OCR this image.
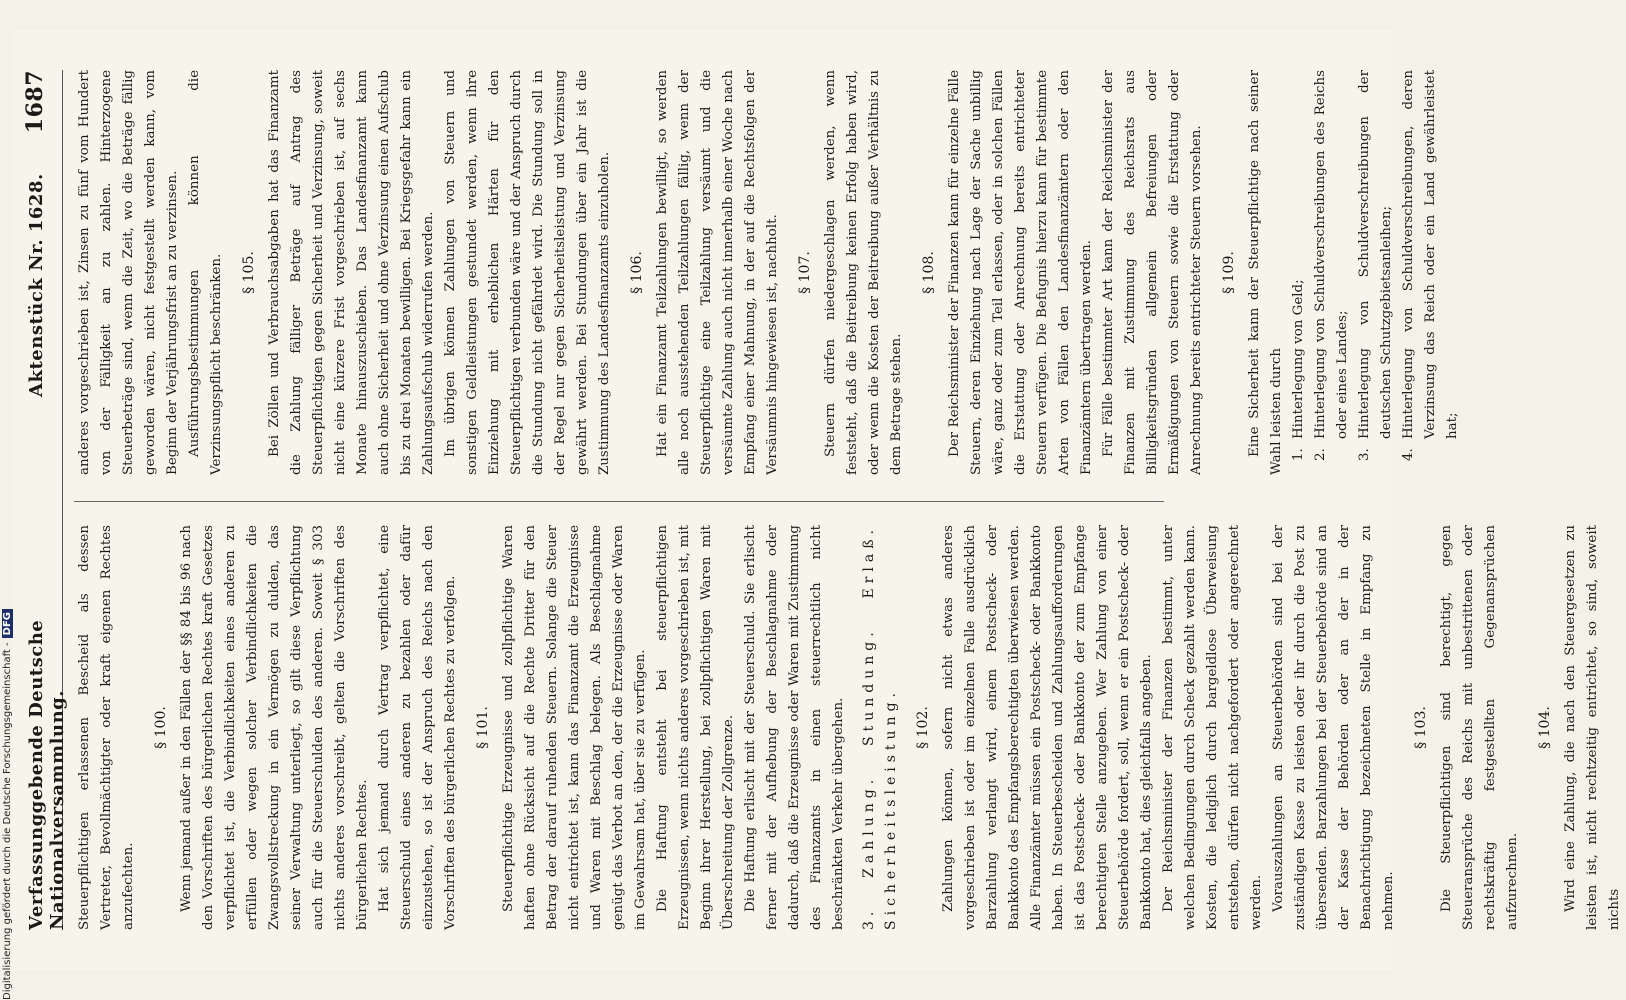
Verfassunggebende Deutsche Nationalversammlung.
Aktenstück Nr. 1628.
1687

Steuerpflichtigen erlassenen Bescheid als dessen Vertreter, Bevollmächtigter oder kraft eigenen Rechtes anzufechten.

§ 100. Wenn jemand außer in den Fällen der §§ 84 bis 96 nach den Vorschriften des bürgerlichen Rechtes kraft Gesetzes verpflichtet ist, die Verbindlichkeiten eines anderen zu erfüllen oder wegen solcher Verbindlichkeiten die Zwangsvollstreckung in ein Vermögen zu dulden, das seiner Verwaltung unterliegt, so gilt diese Verpflichtung auch für die Steuerschulden des anderen. Soweit § 303 nichts anderes vorschreibt, gelten die Vorschriften des bürgerlichen Rechtes. Hat sich jemand durch Vertrag verpflichtet, eine Steuerschuld eines anderen zu bezahlen oder dafür einzustehen, so ist der Anspruch des Reichs nach den Vorschriften des bürgerlichen Rechtes zu verfolgen. § 101. Steuerpflichtige Erzeugnisse und zollpflichtige Waren haften ohne Rücksicht auf die Rechte Dritter für den Betrag der darauf ruhenden Steuern. Solange die Steuer nicht entrichtet ist, kann das Finanzamt die Erzeugnisse und Waren mit Beschlag belegen. Als Beschlagnahme genügt das Verbot an den, der die Erzeugnisse oder Waren im Gewahrsam hat, über sie zu verfügen. Die Haftung entsteht bei steuerpflichtigen Erzeugnissen, wenn nichts anderes vorgeschrieben ist, mit Beginn ihrer Herstellung, bei zollpflichtigen Waren mit Überschreitung der Zollgrenze. Die Haftung erlischt mit der Steuerschuld. Sie erlischt ferner mit der Aufhebung der Beschlagnahme oder dadurch, daß die Erzeugnisse oder Waren mit Zustimmung des Finanzamts in einen steuerrechtlich nicht beschränkten Verkehr übergehen. 3. Zahlung. Stundung. Erlaß. Sicherheitsleistung. § 102. Zahlungen können, sofern nicht etwas anderes vorgeschrieben ist oder im einzelnen Falle ausdrücklich Barzahlung verlangt wird, einem Postscheck- oder Bankkonto des Empfangsberechtigten überwiesen werden. Alle Finanzämter müssen ein Postscheck- oder Bankkonto haben. In Steuerbescheiden und Zahlungsaufforderungen ist das Postscheck- oder Bankkonto der zum Empfange berechtigten Stelle anzugeben. Wer Zahlung von einer Steuerbehörde fordert, soll, wenn er ein Postscheck- oder Bankkonto hat, dies gleichfalls angeben. Der Reichsminister der Finanzen bestimmt, unter welchen Bedingungen durch Scheck gezahlt werden kann. Kosten, die lediglich durch bargeldlose Überweisung entstehen, dürfen nicht nachgefordert oder angerechnet werden. Vorauszahlungen an Steuerbehörden sind bei der zuständigen Kasse zu leisten oder ihr durch die Post zu übersenden. Barzahlungen bei der Steuerbehörde sind an der Kasse der Behörden oder an der in der Benachrichtigung bezeichneten Stelle in Empfang zu nehmen.

§ 103. Die Steuerpflichtigen sind berechtigt, gegen Steueransprüche des Reichs mit unbestrittenen oder rechtskräftig festgestellten Gegenansprüchen aufzurechnen.

§ 104. Wird eine Zahlung, die nach den Steuergesetzen zu leisten ist, nicht rechtzeitig entrichtet, so sind, soweit nichts

anderes vorgeschrieben ist, Zinsen zu fünf vom Hundert von der Fälligkeit an zu zahlen. Hinterzogene Steuerbeträge sind, wenn die Zeit, wo die Beträge fällig geworden wären, nicht festgestellt werden kann, vom Beginn der Verjährungsfrist an zu verzinsen. Ausführungsbestimmungen können die Verzinsungspflicht beschränken. § 105. Bei Zöllen und Verbrauchsabgaben hat das Finanzamt die Zahlung fälliger Beträge auf Antrag des Steuerpflichtigen gegen Sicherheit und Verzinsung, soweit nicht eine kürzere Frist vorgeschrieben ist, auf sechs Monate hinauszuschieben. Das Landesfinanzamt kann auch ohne Sicherheit und ohne Verzinsung einen Aufschub bis zu drei Monaten bewilligen. Bei Kriegsgefahr kann ein Zahlungsaufschub widerrufen werden. Im übrigen können Zahlungen von Steuern und sonstigen Geldleistungen gestundet werden, wenn ihre Einziehung mit erheblichen Härten für den Steuerpflichtigen verbunden wäre und der Anspruch durch die Stundung nicht gefährdet wird. Die Stundung soll in der Regel nur gegen Sicherheitsleistung und Verzinsung gewährt werden. Bei Stundungen über ein Jahr ist die Zustimmung des Landesfinanzamts einzuholen. § 106. Hat ein Finanzamt Teilzahlungen bewilligt, so werden alle noch ausstehenden Teilzahlungen fällig, wenn der Steuerpflichtige eine Teilzahlung versäumt und die versäumte Zahlung auch nicht innerhalb einer Woche nach Empfang einer Mahnung, in der auf die Rechtsfolgen der Versäumnis hingewiesen ist, nachholt. § 107. Steuern dürfen niedergeschlagen werden, wenn feststeht, daß die Beitreibung keinen Erfolg haben wird, oder wenn die Kosten der Beitreibung außer Verhältnis zu dem Betrage stehen.

§ 108. Der Reichsminister der Finanzen kann für einzelne Fälle Steuern, deren Einziehung nach Lage der Sache unbillig wäre, ganz oder zum Teil erlassen, oder in solchen Fällen die Erstattung oder Anrechnung bereits entrichteter Steuern verfügen. Die Befugnis hierzu kann für bestimmte Arten von Fällen den Landesfinanzämtern oder den Finanzämtern übertragen werden. Für Fälle bestimmter Art kann der Reichsminister der Finanzen mit Zustimmung des Reichsrats aus Billigkeitsgründen allgemein Befreiungen oder Ermäßigungen von Steuern sowie die Erstattung oder Anrechnung bereits entrichteter Steuern vorsehen. § 109. Eine Sicherheit kann der Steuerpflichtige nach seiner Wahl leisten durch 1.
Hinterlegung von Geld;
2.
Hinterlegung von Schuldverschreibungen des Reichs oder eines Landes;
3.
Hinterlegung von Schuldverschreibungen der deutschen Schutzgebietsanleihen;
4.
Hinterlegung von Schuldverschreibungen, deren Verzinsung das Reich oder ein Land gewährleistet hat;
Digitalisierung gefördert durch die Deutsche Forschungsgemeinschaft -DFG
